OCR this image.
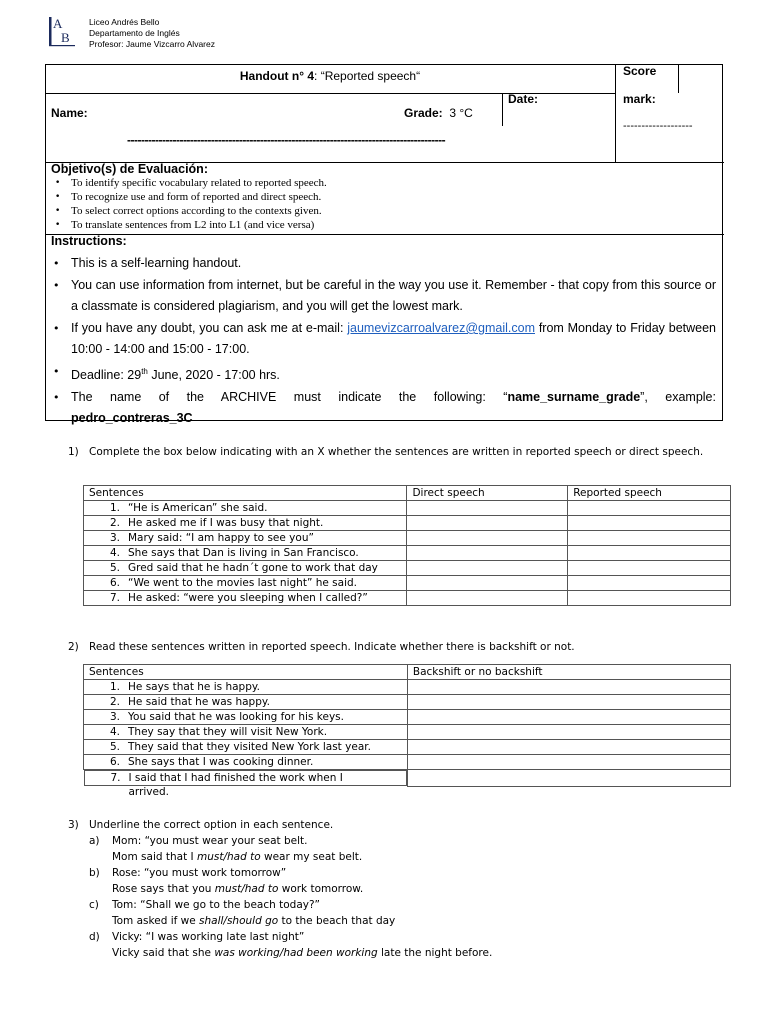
A
B
Liceo Andrés Bello
Departamento de Inglés
Profesor: Jaume Vizcarro Alvarez
Handout n° 4: “Reported speech“	Score
mark:
-------------------
Name:	Grade: 3 °C
Date:
-------------------------------------------------------------------------------------------
Objetivo(s) de Evaluación:
• To identify specific vocabulary related to reported speech.
• To recognize use and form of reported and direct speech.
• To select correct options according to the contexts given.
• To translate sentences from L2 into L1 (and vice versa)
Instructions:
• This is a self-learning handout.
• You can use information from internet, but be careful in the way you use it. Remember - that copy from this source or a classmate is considered plagiarism, and you will get the lowest mark.
• If you have any doubt, you can ask me at e-mail: jaumevizcarroalvarez@gmail.com from Monday to Friday between 10:00 - 14:00 and 15:00 - 17:00.
• Deadline: 29th June, 2020 - 17:00 hrs.
• The name of the ARCHIVE must indicate the following: “name_surname_grade”, example:
pedro_contreras_3C
1) Complete the box below indicating with an X whether the sentences are written in reported speech or direct speech.
Sentences	Direct speech	Reported speech
1. “He is American” she said.		
2. He asked me if I was busy that night.		
3. Mary said: “I am happy to see you”		
4. She says that Dan is living in San Francisco.		
5. Gred said that he hadn´t gone to work that day		
6. “We went to the movies last night” he said.		
7. He asked: “were you sleeping when I called?”		
2) Read these sentences written in reported speech. Indicate whether there is backshift or not.
Sentences	Backshift or no backshift
1. He says that he is happy.	
2. He said that he was happy.	
3. You said that he was looking for his keys.	
4. They say that they will visit New York.	
5. They said that they visited New York last year.	
6. She says that I was cooking dinner.	

7. I said that I had finished the work when I arrived.
3) Underline the correct option in each sentence.
a) Mom: “you must wear your seat belt.
Mom said that I must/had to wear my seat belt.
b) Rose: “you must work tomorrow”
Rose says that you must/had to work tomorrow.
c) Tom: “Shall we go to the beach today?”
Tom asked if we shall/should go to the beach that day
d) Vicky: “I was working late last night”
Vicky said that she was working/had been working late the night before.
